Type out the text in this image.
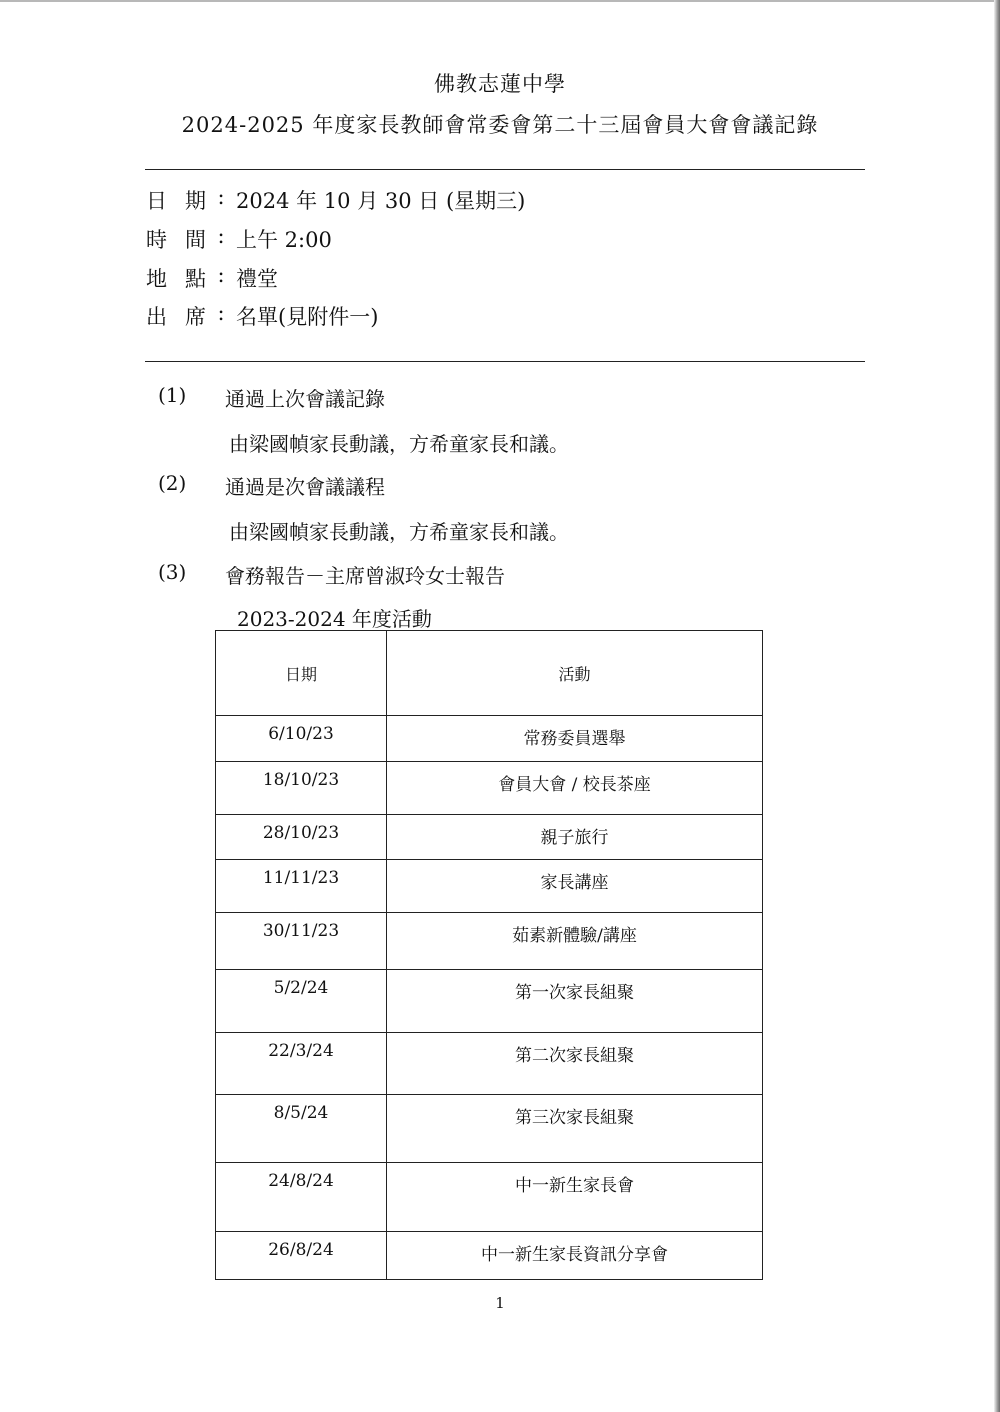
佛教志蓮中學
2024-2025 年度家長教師會常委會第二十三屆會員大會會議記錄
日 期 : 2024 年 10 月 30 日 (星期三)
時 間 : 上午 2:00
地 點 : 禮堂
出 席 : 名單(見附件一)
(1) 通過上次會議記錄
由梁國幀家長動議，方希童家長和議。
(2) 通過是次會議議程
由梁國幀家長動議，方希童家長和議。
(3) 會務報告－主席曾淑玲女士報告
2023-2024 年度活動
日期	活動
6/10/23	常務委員選舉
18/10/23	會員大會 / 校長茶座
28/10/23	親子旅行
11/11/23	家長講座
30/11/23	茹素新體驗/講座
5/2/24	第一次家長組聚
22/3/24	第二次家長組聚
8/5/24	第三次家長組聚
24/8/24	中一新生家長會
26/8/24	中一新生家長資訊分享會
1
